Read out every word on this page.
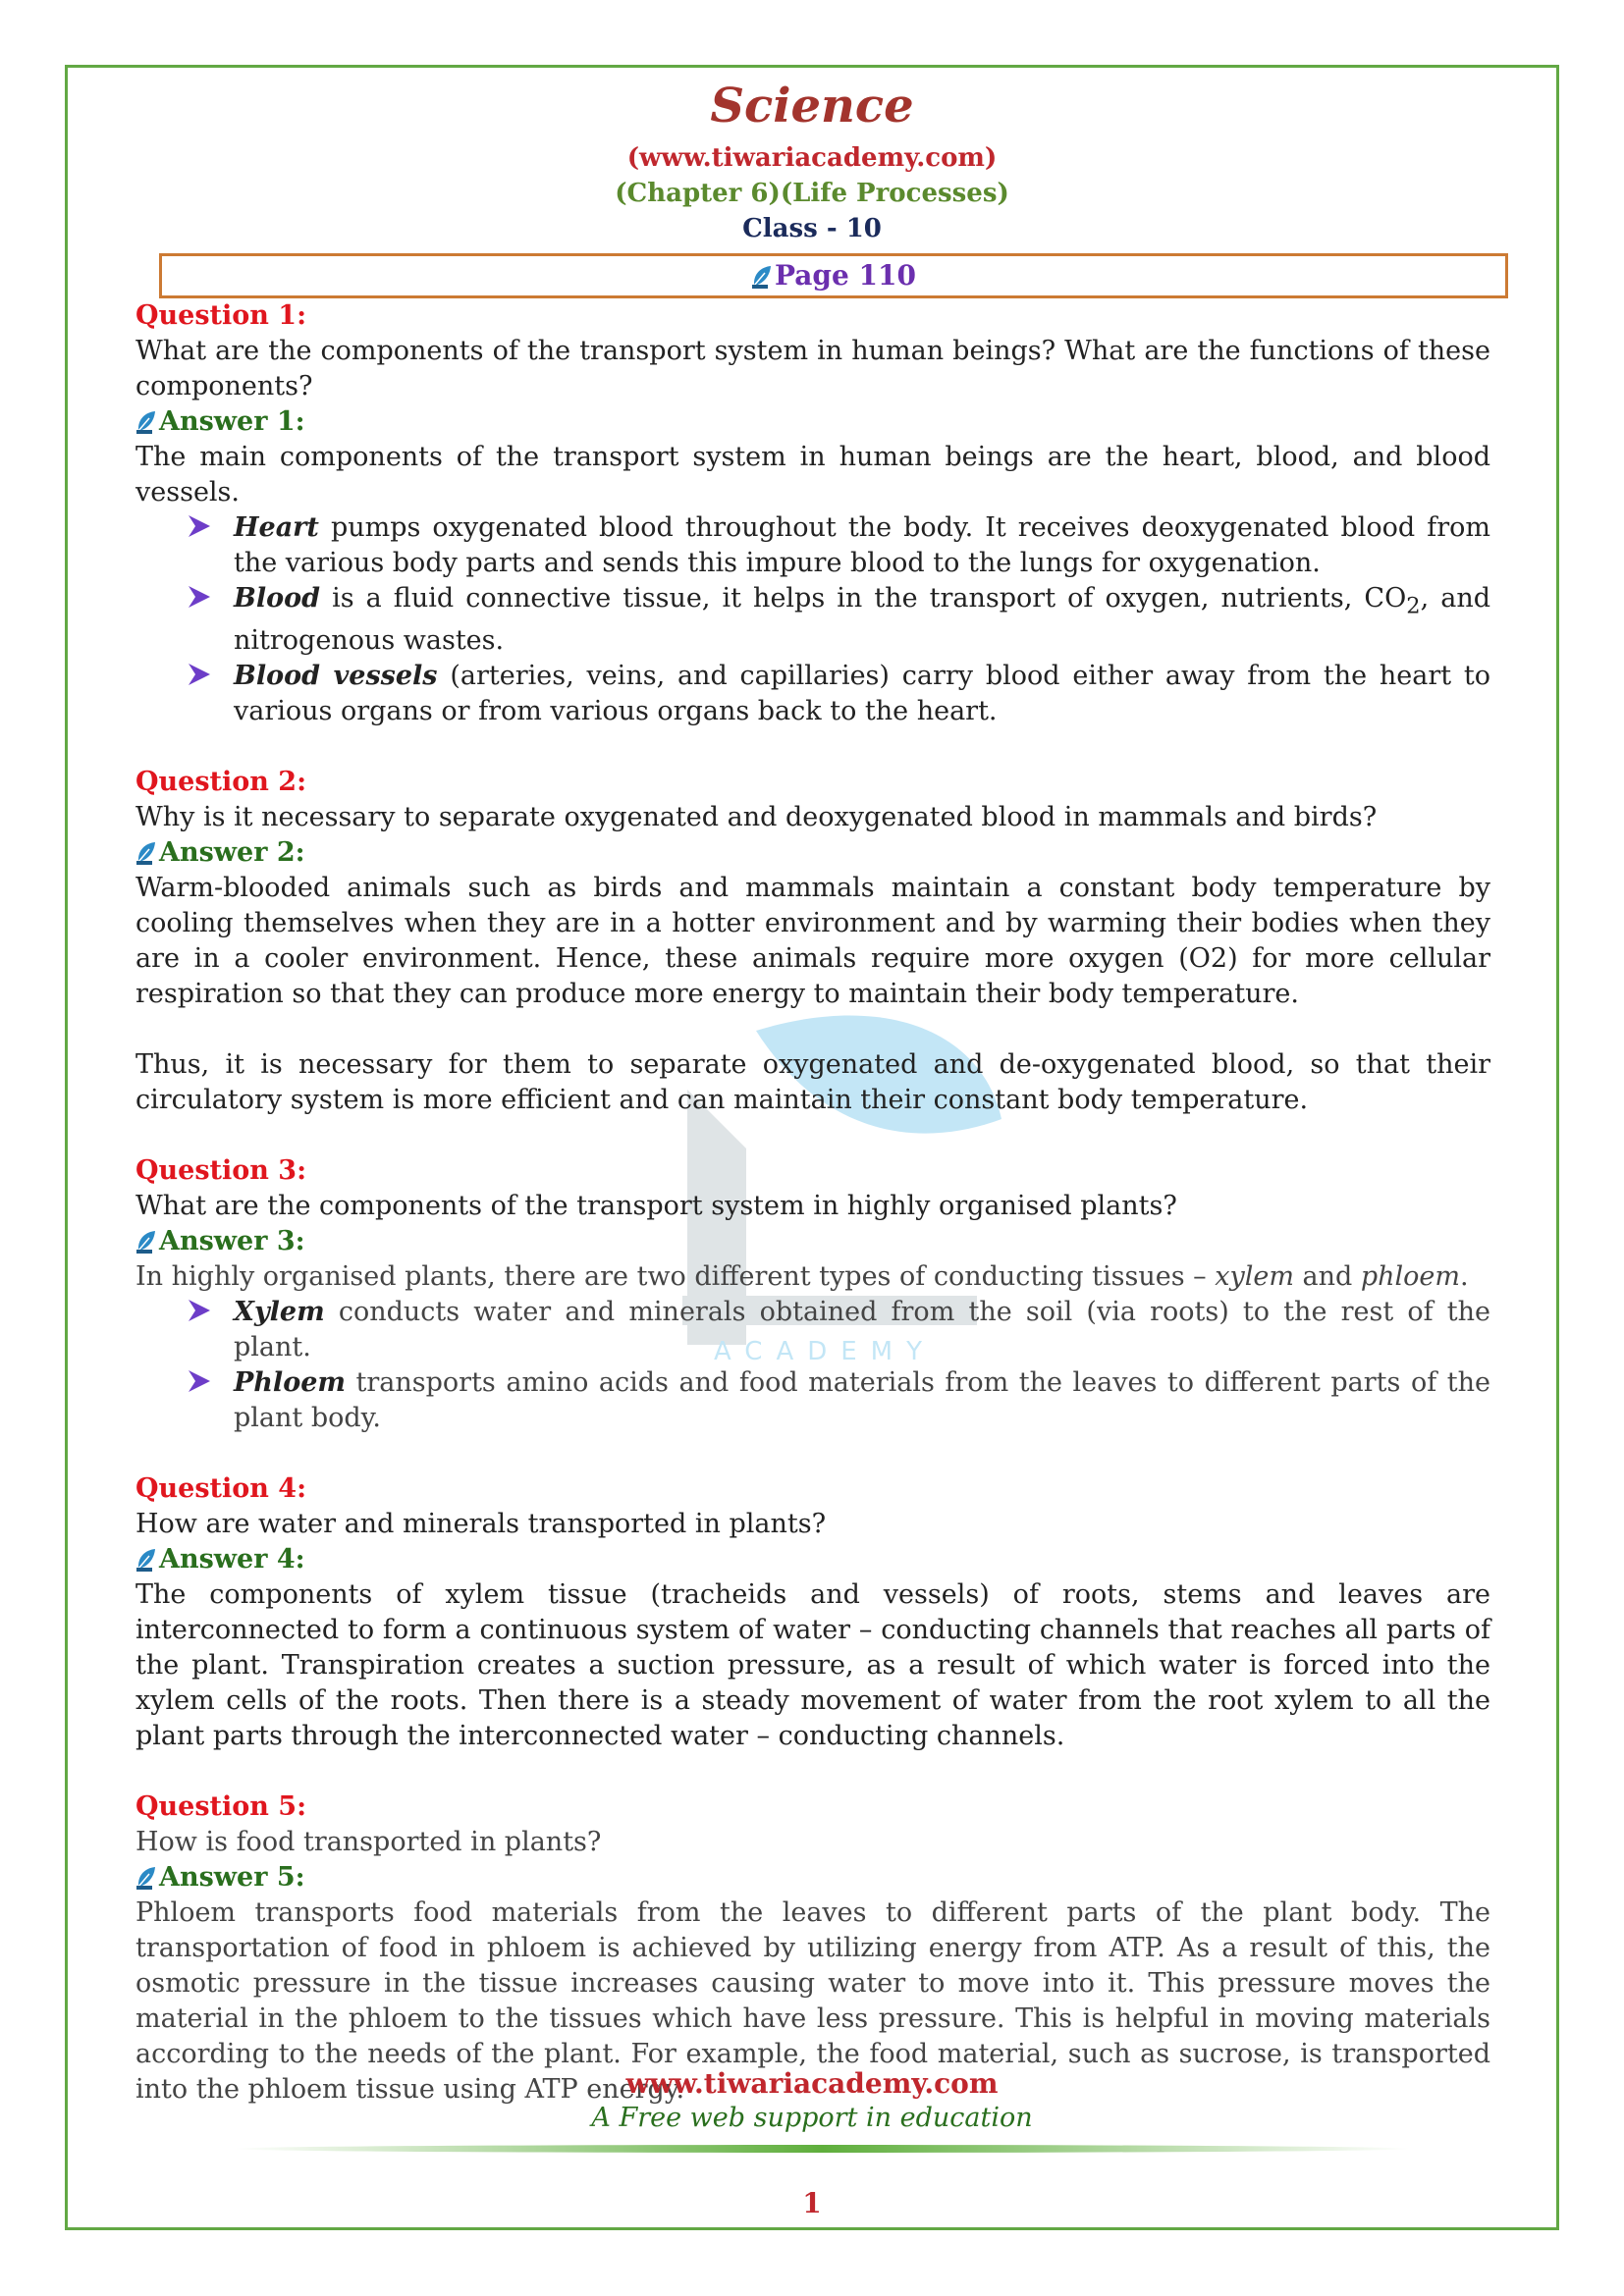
Science
(www.tiwariacademy.com)
(Chapter 6)(Life Processes)
Class - 10
Page 110
ACADEMY

Question 1:

What are the components of the transport system in human beings? What are the functions of these components?

Answer 1:

The main components of the transport system in human beings are the heart, blood, and blood vessels.

Heart pumps oxygenated blood throughout the body. It receives deoxygenated blood from the various body parts and sends this impure blood to the lungs for oxygenation.
Blood is a fluid connective tissue, it helps in the transport of oxygen, nutrients, $CO_2$, and nitrogenous wastes.
Blood vessels (arteries, veins, and capillaries) carry blood either away from the heart to various organs or from various organs back to the heart.

Question 2:

Why is it necessary to separate oxygenated and deoxygenated blood in mammals and birds?

Answer 2:

Warm-blooded animals such as birds and mammals maintain a constant body temperature by cooling themselves when they are in a hotter environment and by warming their bodies when they are in a cooler environment. Hence, these animals require more oxygen (O2) for more cellular respiration so that they can produce more energy to maintain their body temperature.

Thus, it is necessary for them to separate oxygenated and de-oxygenated blood, so that their circulatory system is more efficient and can maintain their constant body temperature.

Question 3:

What are the components of the transport system in highly organised plants?

Answer 3:

In highly organised plants, there are two different types of conducting tissues – xylem and phloem.

Xylem conducts water and minerals obtained from the soil (via roots) to the rest of the plant.
Phloem transports amino acids and food materials from the leaves to different parts of the plant body.

Question 4:

How are water and minerals transported in plants?

Answer 4:

The components of xylem tissue (tracheids and vessels) of roots, stems and leaves are interconnected to form a continuous system of water – conducting channels that reaches all parts of the plant. Transpiration creates a suction pressure, as a result of which water is forced into the xylem cells of the roots. Then there is a steady movement of water from the root xylem to all the plant parts through the interconnected water – conducting channels.

Question 5:

How is food transported in plants?

Answer 5:

Phloem transports food materials from the leaves to different parts of the plant body. The transportation of food in phloem is achieved by utilizing energy from ATP. As a result of this, the osmotic pressure in the tissue increases causing water to move into it. This pressure moves the material in the phloem to the tissues which have less pressure. This is helpful in moving materials according to the needs of the plant. For example, the food material, such as sucrose, is transported into the phloem tissue using ATP energy.

www.tiwariacademy.com
A Free web support in education
1
